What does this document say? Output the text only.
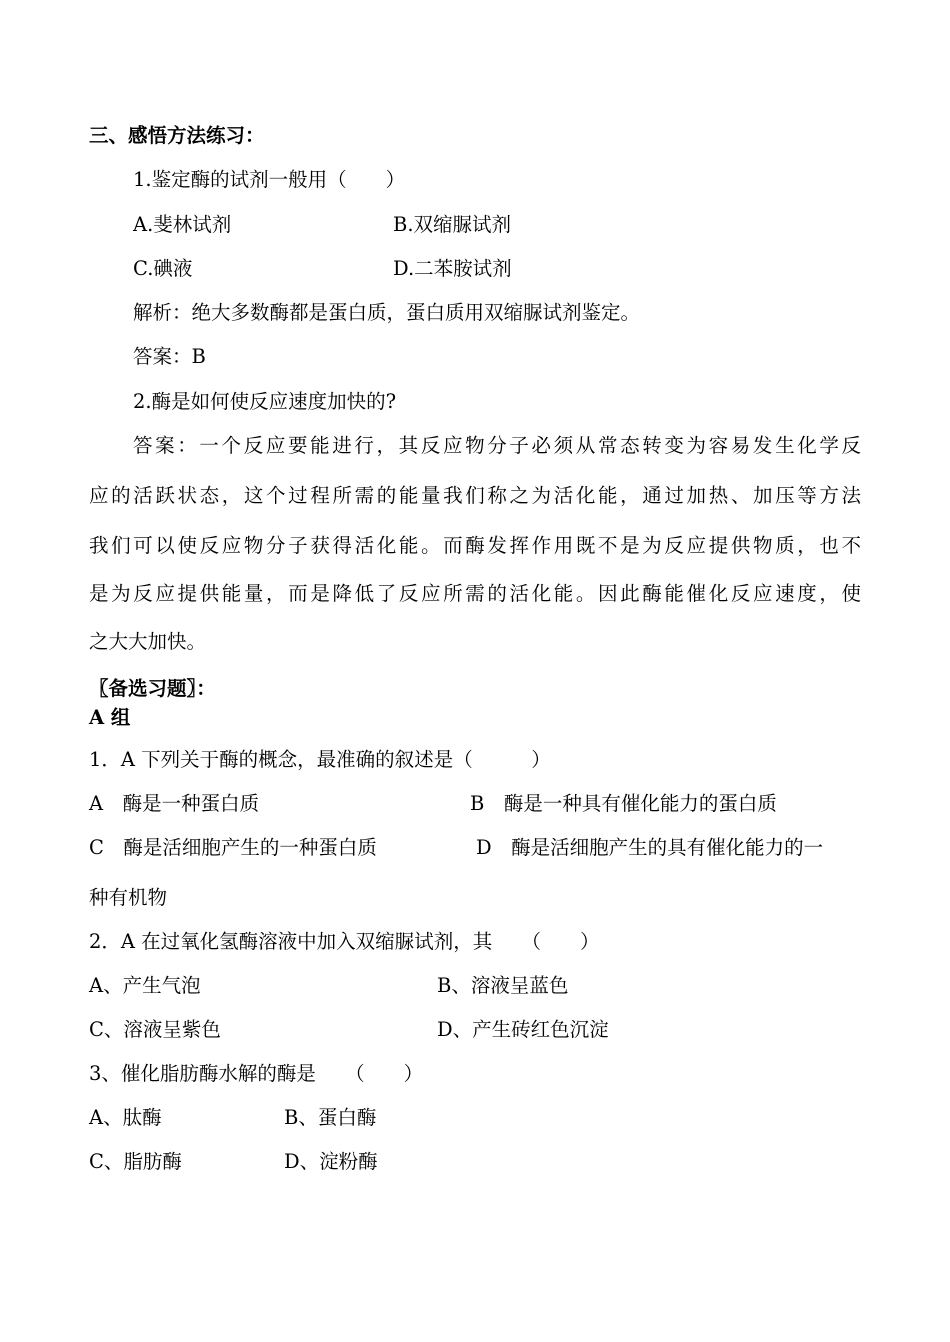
三、感悟方法练习：
1.鉴定酶的试剂一般用（　　）
A.斐林试剂	B.双缩脲试剂
C.碘液	D.二苯胺试剂
解析：绝大多数酶都是蛋白质，蛋白质用双缩脲试剂鉴定。
答案：B
2.酶是如何使反应速度加快的?
答案：一个反应要能进行，其反应物分子必须从常态转变为容易发生化学反
应的活跃状态，这个过程所需的能量我们称之为活化能，通过加热、加压等方法
我们可以使反应物分子获得活化能。而酶发挥作用既不是为反应提供物质，也不
是为反应提供能量，而是降低了反应所需的活化能。因此酶能催化反应速度，使
之大大加快。
〖备选习题〗：
A 组
1．A 下列关于酶的概念，最准确的叙述是（　　　）
A　酶是一种蛋白质	B　酶是一种具有催化能力的蛋白质
C　酶是活细胞产生的一种蛋白质	D　酶是活细胞产生的具有催化能力的一
种有机物
2．A 在过氧化氢酶溶液中加入双缩脲试剂，其　　（　　）
A、产生气泡	B、溶液呈蓝色
C、溶液呈紫色	D、产生砖红色沉淀
3、催化脂肪酶水解的酶是　　（　　）
A、肽酶	B、蛋白酶
C、脂肪酶	D、淀粉酶
